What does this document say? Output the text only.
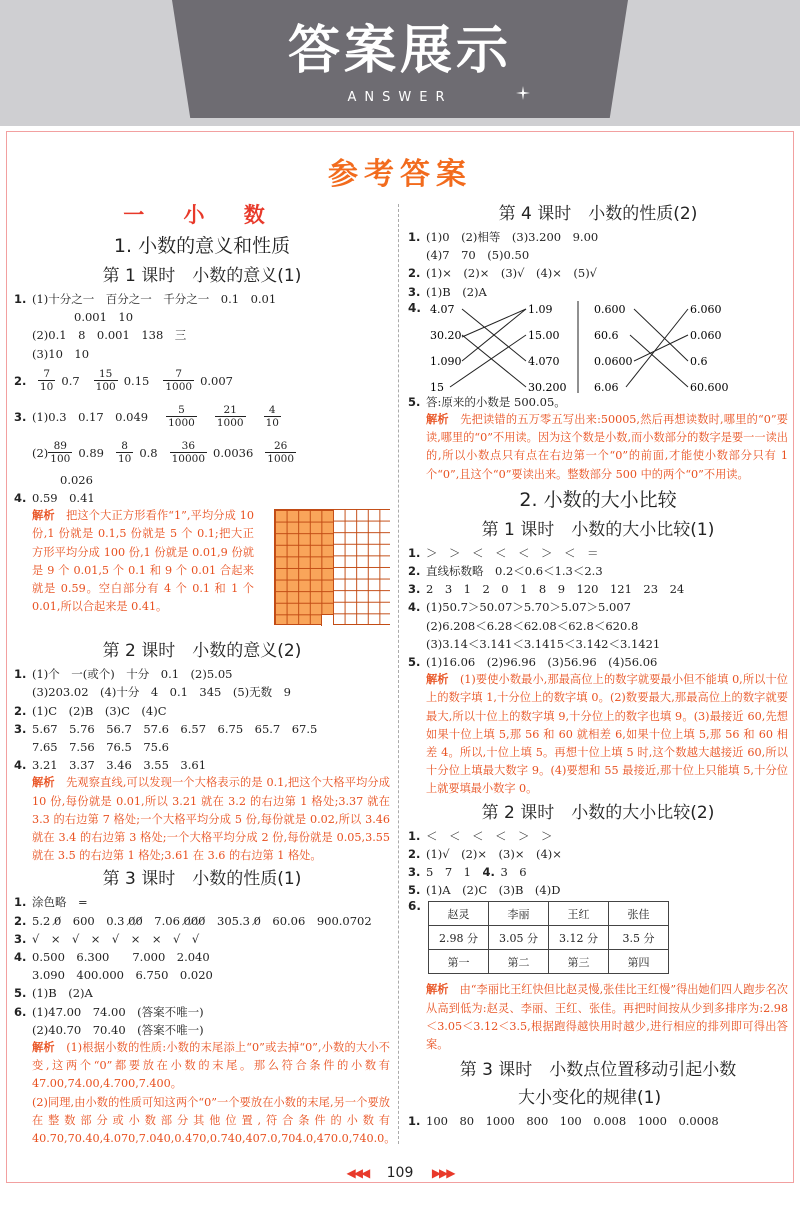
答案展示
ANSWER
参考答案
一 小 数
1. 小数的意义和性质
第 1 课时　小数的意义(1)
1. (1)十分之一　百分之一　千分之一　0.1　0.01
0.001　10
(2)0.1　8　0.001　138　三
(3)10　10
2.	$\frac{7}{10} 0.7 \frac{15}{100} 0.15 \frac{7}{1000} 0.007$
3. (1)0.3　0.17　$0.049 \frac{5}{1000} \frac{21}{1000} \frac{4}{10}$
$(2) \frac{89}{100} 0.89 \frac{8}{10} 0.8 \frac{36}{10000} 0.0036 \frac{26}{1000}$
0.026
4. 0.59　0.41
解析　 把这个大正方形看作“1”,平均分成 10 份,1 份就是 0.1,5 份就是 5 个 0.1;把大正方形平均分成 100 份,1 份就是 0.01,9 份就是 9 个 0.01,5 个 0.1 和 9 个 0.01 合起来就是 0.59。空白部分有 4 个 0.1 和 1 个 0.01,所以合起来是 0.41。
第 2 课时　小数的意义(2)
1. (1)个　一(或个)　十分　0.1　(2)5.05
(3)203.02　(4)十分　4　0.1　345　(5)无数　9
2. (1)C　(2)B　(3)C　(4)C
3. 5.67　5.76　56.7　57.6　6.57　6.75　65.7　67.5
7.65　7.56　76.5　75.6
4. 3.21　3.37　3.46　3.55　3.61
解析　 先观察直线,可以发现一个大格表示的是 0.1,把这个大格平均分成 10 份,每份就是 0.01,所以 3.21 就在 3.2 的右边第 1 格处;3.37 就在 3.3 的右边第 7 格处;一个大格平均分成 5 份,每份就是 0.02,所以 3.46 就在 3.4 的右边第 3 格处;一个大格平均分成 2 份,每份就是 0.05,3.55 就在 3.5 的右边第 1 格处;3.61 在 3.6 的右边第 1 格处。
第 3 课时　小数的性质(1)
1. 涂色略　=
2. 5.2 0̸　600　0.3 0̸0̸　7.06 0̸0̸0̸　305.3 0̸　60.06　900.0702
3. √　×　√　×　√　×　×　√　√
4. 0.500　6.300　　7.000　2.040
3.090　400.000　6.750　0.020
5. (1)B　(2)A
6. (1)47.00　74.00　(答案不唯一)
(2)40.70　70.40　(答案不唯一)
解析　 (1)根据小数的性质:小数的末尾添上“0”或去掉“0”,小数的大小不变,这两个“0”都要放在小数的末尾。那么符合条件的小数有 47.00,74.00,4.700,7.400。
(2)同理,由小数的性质可知这两个“0”一个要放在小数的末尾,另一个要放在整数部分或小数部分其他位置,符合条件的小数有 40.70,70.40,4.070,7.040,0.470,0.740,407.0,704.0,470.0,740.0。
第 4 课时　小数的性质(2)
1. (1)0　(2)相等　(3)3.200　9.00
(4)7　70　(5)0.50
2. (1)×　(2)×　(3)√　(4)×　(5)√
3. (1)B　(2)A
4. 4.07
30.20
1.090
15
1.09
15.00
4.070
30.200
0.600
60.6
0.0600
6.06
6.060
0.060
0.6
60.600
5. 答:原来的小数是 500.05。
解析　 先把读错的五万零五写出来:50005,然后再想读数时,哪里的“0”要读,哪里的“0”不用读。因为这个数是小数,而小数部分的数字是要一一读出的,所以小数点只有点在右边第一个“0”的前面,才能使小数部分只有 1 个“0”,且这个“0”要读出来。整数部分 500 中的两个“0”不用读。
2. 小数的大小比较
第 1 课时　小数的大小比较(1)
1. ＞　＞　＜　＜　＜　＞　＜　＝
2. 直线标数略　0.2＜0.6＜1.3＜2.3
3. 2　3　1　2　0　1　8　9　120　121　23　24
4. (1)50.7＞50.07＞5.70＞5.07＞5.007
(2)6.208＜6.28＜62.08＜62.8＜620.8
(3)3.14＜3.141＜3.1415＜3.142＜3.1421
5. (1)16.06　(2)96.96　(3)56.96　(4)56.06
解析　 (1)要使小数最小,那最高位上的数字就要最小但不能填 0,所以十位上的数字填 1,十分位上的数字填 0。(2)数要最大,那最高位上的数字就要最大,所以十位上的数字填 9,十分位上的数字也填 9。(3)最接近 60,先想如果十位上填 5,那 56 和 60 就相差 6,如果十位上填 5,那 56 和 60 相差 4。所以,十位上填 5。再想十位上填 5 时,这个数越大越接近 60,所以十分位上填最大数字 9。(4)要想和 55 最接近,那十位上只能填 5,十分位上就要填最小数字 0。
第 2 课时　小数的大小比较(2)
1. ＜　＜　＜　＜　＞　＞
2. (1)√　(2)×　(3)×　(4)×
3. 5　7　1　 4. 3　6
5. (1)A　(2)C　(3)B　(4)D
6.
赵灵	李丽	王红	张佳
2.98 分	3.05 分	3.12 分	3.5 分
第一	第二	第三	第四
解析　 由“李丽比王红快但比赵灵慢,张佳比王红慢”得出她们四人跑步名次从高到低为:赵灵、李丽、王红、张佳。再把时间按从少到多排序为:2.98＜3.05＜3.12＜3.5,根据跑得越快用时越少,进行相应的排列即可得出答案。
第 3 课时　小数点位置移动引起小数
大小变化的规律(1)
1. 100　80　1000　800　100　0.008　1000　0.0008
◀◀◀ 109 ▶▶▶
